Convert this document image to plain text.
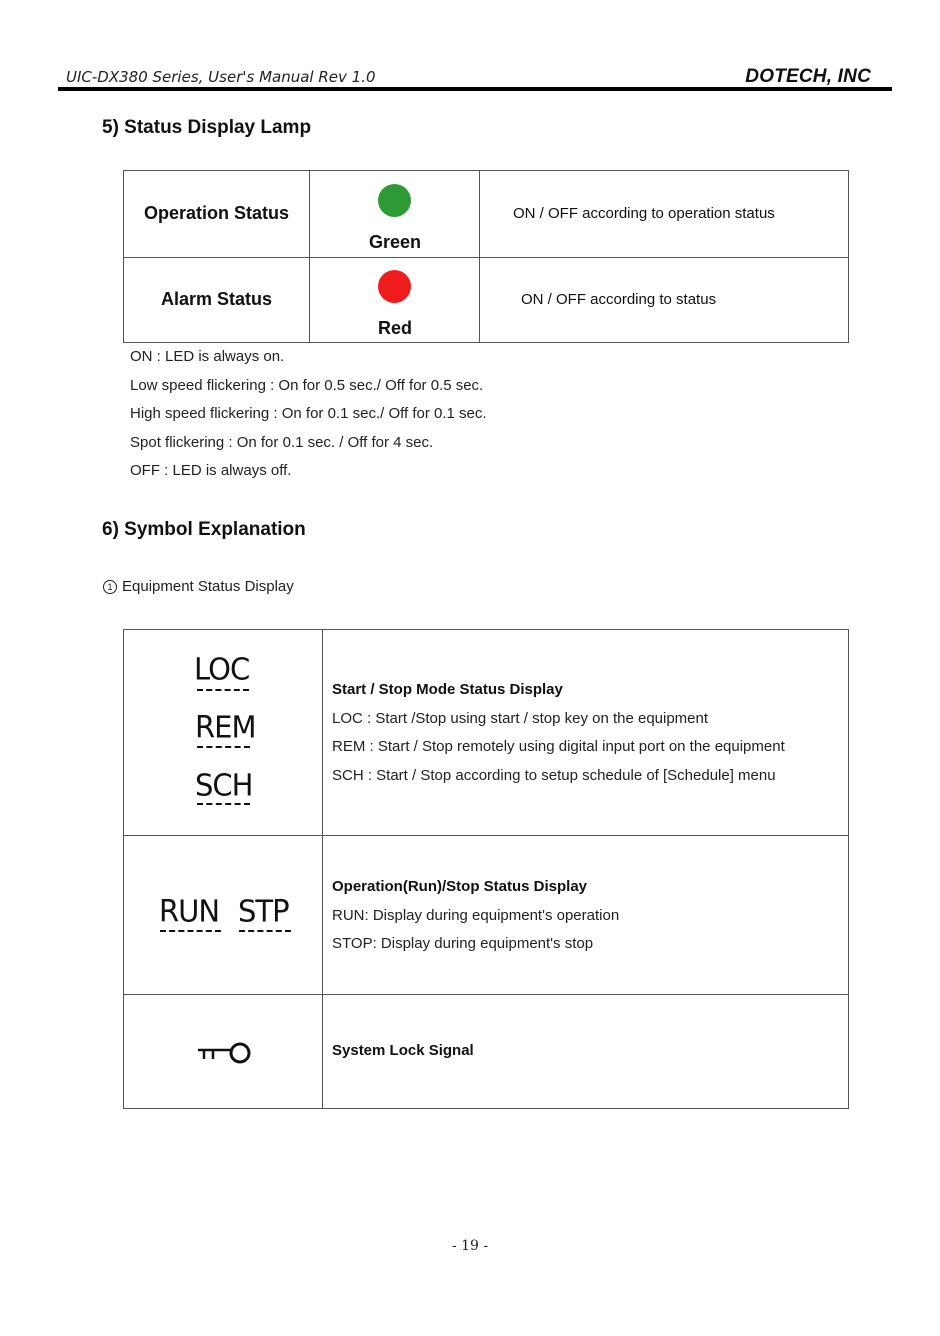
UIC-DX380 Series, User's Manual Rev 1.0	DOTECH, INC
5) Status Display Lamp
Operation Status
Green
ON / OFF according to operation status
Alarm Status
Red
ON / OFF according to status
ON : LED is always on.
Low speed flickering : On for 0.5 sec./ Off for 0.5 sec.
High speed flickering : On for 0.1 sec./ Off for 0.1 sec.
Spot flickering : On for 0.1 sec. / Off for 4 sec.
OFF : LED is always off.
6) Symbol Explanation
1 Equipment Status Display
LOC
REM
SCH
Start / Stop Mode Status Display
LOC : Start /Stop using start / stop key on the equipment
REM : Start / Stop remotely using digital input port on the equipment
SCH : Start / Stop according to setup schedule of [Schedule] menu
RUN STP
Operation(Run)/Stop Status Display
RUN: Display during equipment's operation
STOP: Display during equipment's stop
System Lock Signal
- 19 -
